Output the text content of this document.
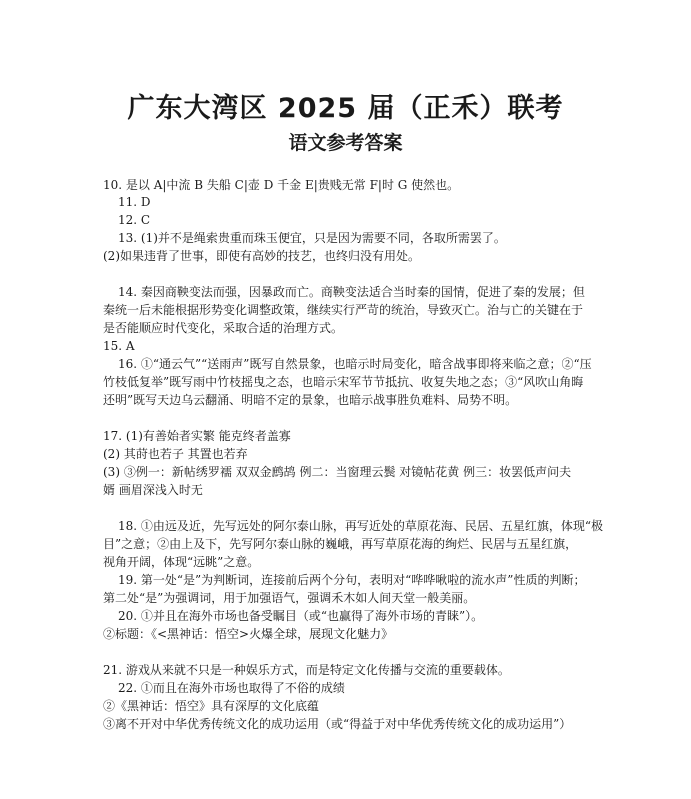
广东大湾区 2025 届（正禾）联考
语文参考答案
10. 是以 A|中流 B 失船 C|壶 D 千金 E|贵贱无常 F|时 G 使然也。
11. D
12. C
13. (1)并不是绳索贵重而珠玉便宜，只是因为需要不同，各取所需罢了。
(2)如果违背了世事，即使有高妙的技艺，也终归没有用处。
14. 秦因商鞅变法而强，因暴政而亡。商鞅变法适合当时秦的国情，促进了秦的发展；但
秦统一后未能根据形势变化调整政策，继续实行严苛的统治，导致灭亡。治与亡的关键在于
是否能顺应时代变化，采取合适的治理方式。
15. A
16. ①“通云气”“送雨声”既写自然景象，也暗示时局变化，暗含战事即将来临之意；②“压
竹枝低复举”既写雨中竹枝摇曳之态，也暗示宋军节节抵抗、收复失地之态；③“风吹山角晦
还明”既写天边乌云翻涌、明暗不定的景象，也暗示战事胜负难料、局势不明。
17. (1)有善始者实繁 能克终者盖寡
(2) 其莳也若子 其置也若弃
(3) ③例一：新帖绣罗襦 双双金鹧鸪 例二：当窗理云鬓 对镜帖花黄 例三：妆罢低声问夫
婿 画眉深浅入时无
18. ①由远及近，先写远处的阿尔泰山脉，再写近处的草原花海、民居、五星红旗，体现“极
目”之意；②由上及下，先写阿尔泰山脉的巍峨，再写草原花海的绚烂、民居与五星红旗，
视角开阔，体现“远眺”之意。
19. 第一处“是”为判断词，连接前后两个分句，表明对“哗哗啾啦的流水声”性质的判断；
第二处“是”为强调词，用于加强语气，强调禾木如人间天堂一般美丽。
20. ①并且在海外市场也备受瞩目（或“也赢得了海外市场的青睐”）。
②标题：《<黑神话：悟空>火爆全球，展现文化魅力》
21. 游戏从来就不只是一种娱乐方式，而是特定文化传播与交流的重要载体。
22. ①而且在海外市场也取得了不俗的成绩
②《黑神话：悟空》具有深厚的文化底蕴
③离不开对中华优秀传统文化的成功运用（或“得益于对中华优秀传统文化的成功运用”）
